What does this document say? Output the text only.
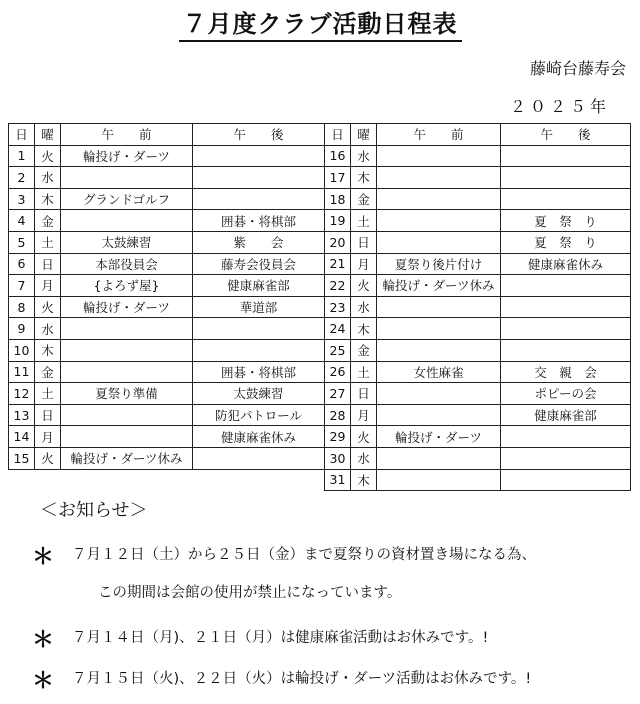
７月度クラブ活動日程表
藤崎台藤寿会
２０２５年
日	曜	午　　前	午　　後
1	火	輪投げ・ダーツ	
2	水		
3	木	グランドゴルフ	
4	金		囲碁・将棋部
5	土	太鼓練習	紫　　会
6	日	本部役員会	藤寿会役員会
7	月	{よろず屋}	健康麻雀部
8	火	輪投げ・ダーツ	華道部
9	水		
10	木		
11	金		囲碁・将棋部
12	土	夏祭り準備	太鼓練習
13	日		防犯パトロール
14	月		健康麻雀休み
15	火	輪投げ・ダーツ休み	
日	曜	午　　前	午　　後
16	水		
17	木		
18	金		
19	土		夏　祭　り
20	日		夏　祭　り
21	月	夏祭り後片付け	健康麻雀休み
22	火	輪投げ・ダーツ休み	
23	水		
24	木		
25	金		
26	土	女性麻雀	交　親　会
27	日		ポピーの会
28	月		健康麻雀部
29	火	輪投げ・ダーツ	
30	水		
31	木		
＜お知らせ＞
＊ ７月１２日（土）から２５日（金）まで夏祭りの資材置き場になる為、
この期間は会館の使用が禁止になっています。
＊ ７月１４日（月)、２１日（月）は健康麻雀活動はお休みです。!
＊ ７月１５日（火)、２２日（火）は輪投げ・ダーツ活動はお休みです。!
